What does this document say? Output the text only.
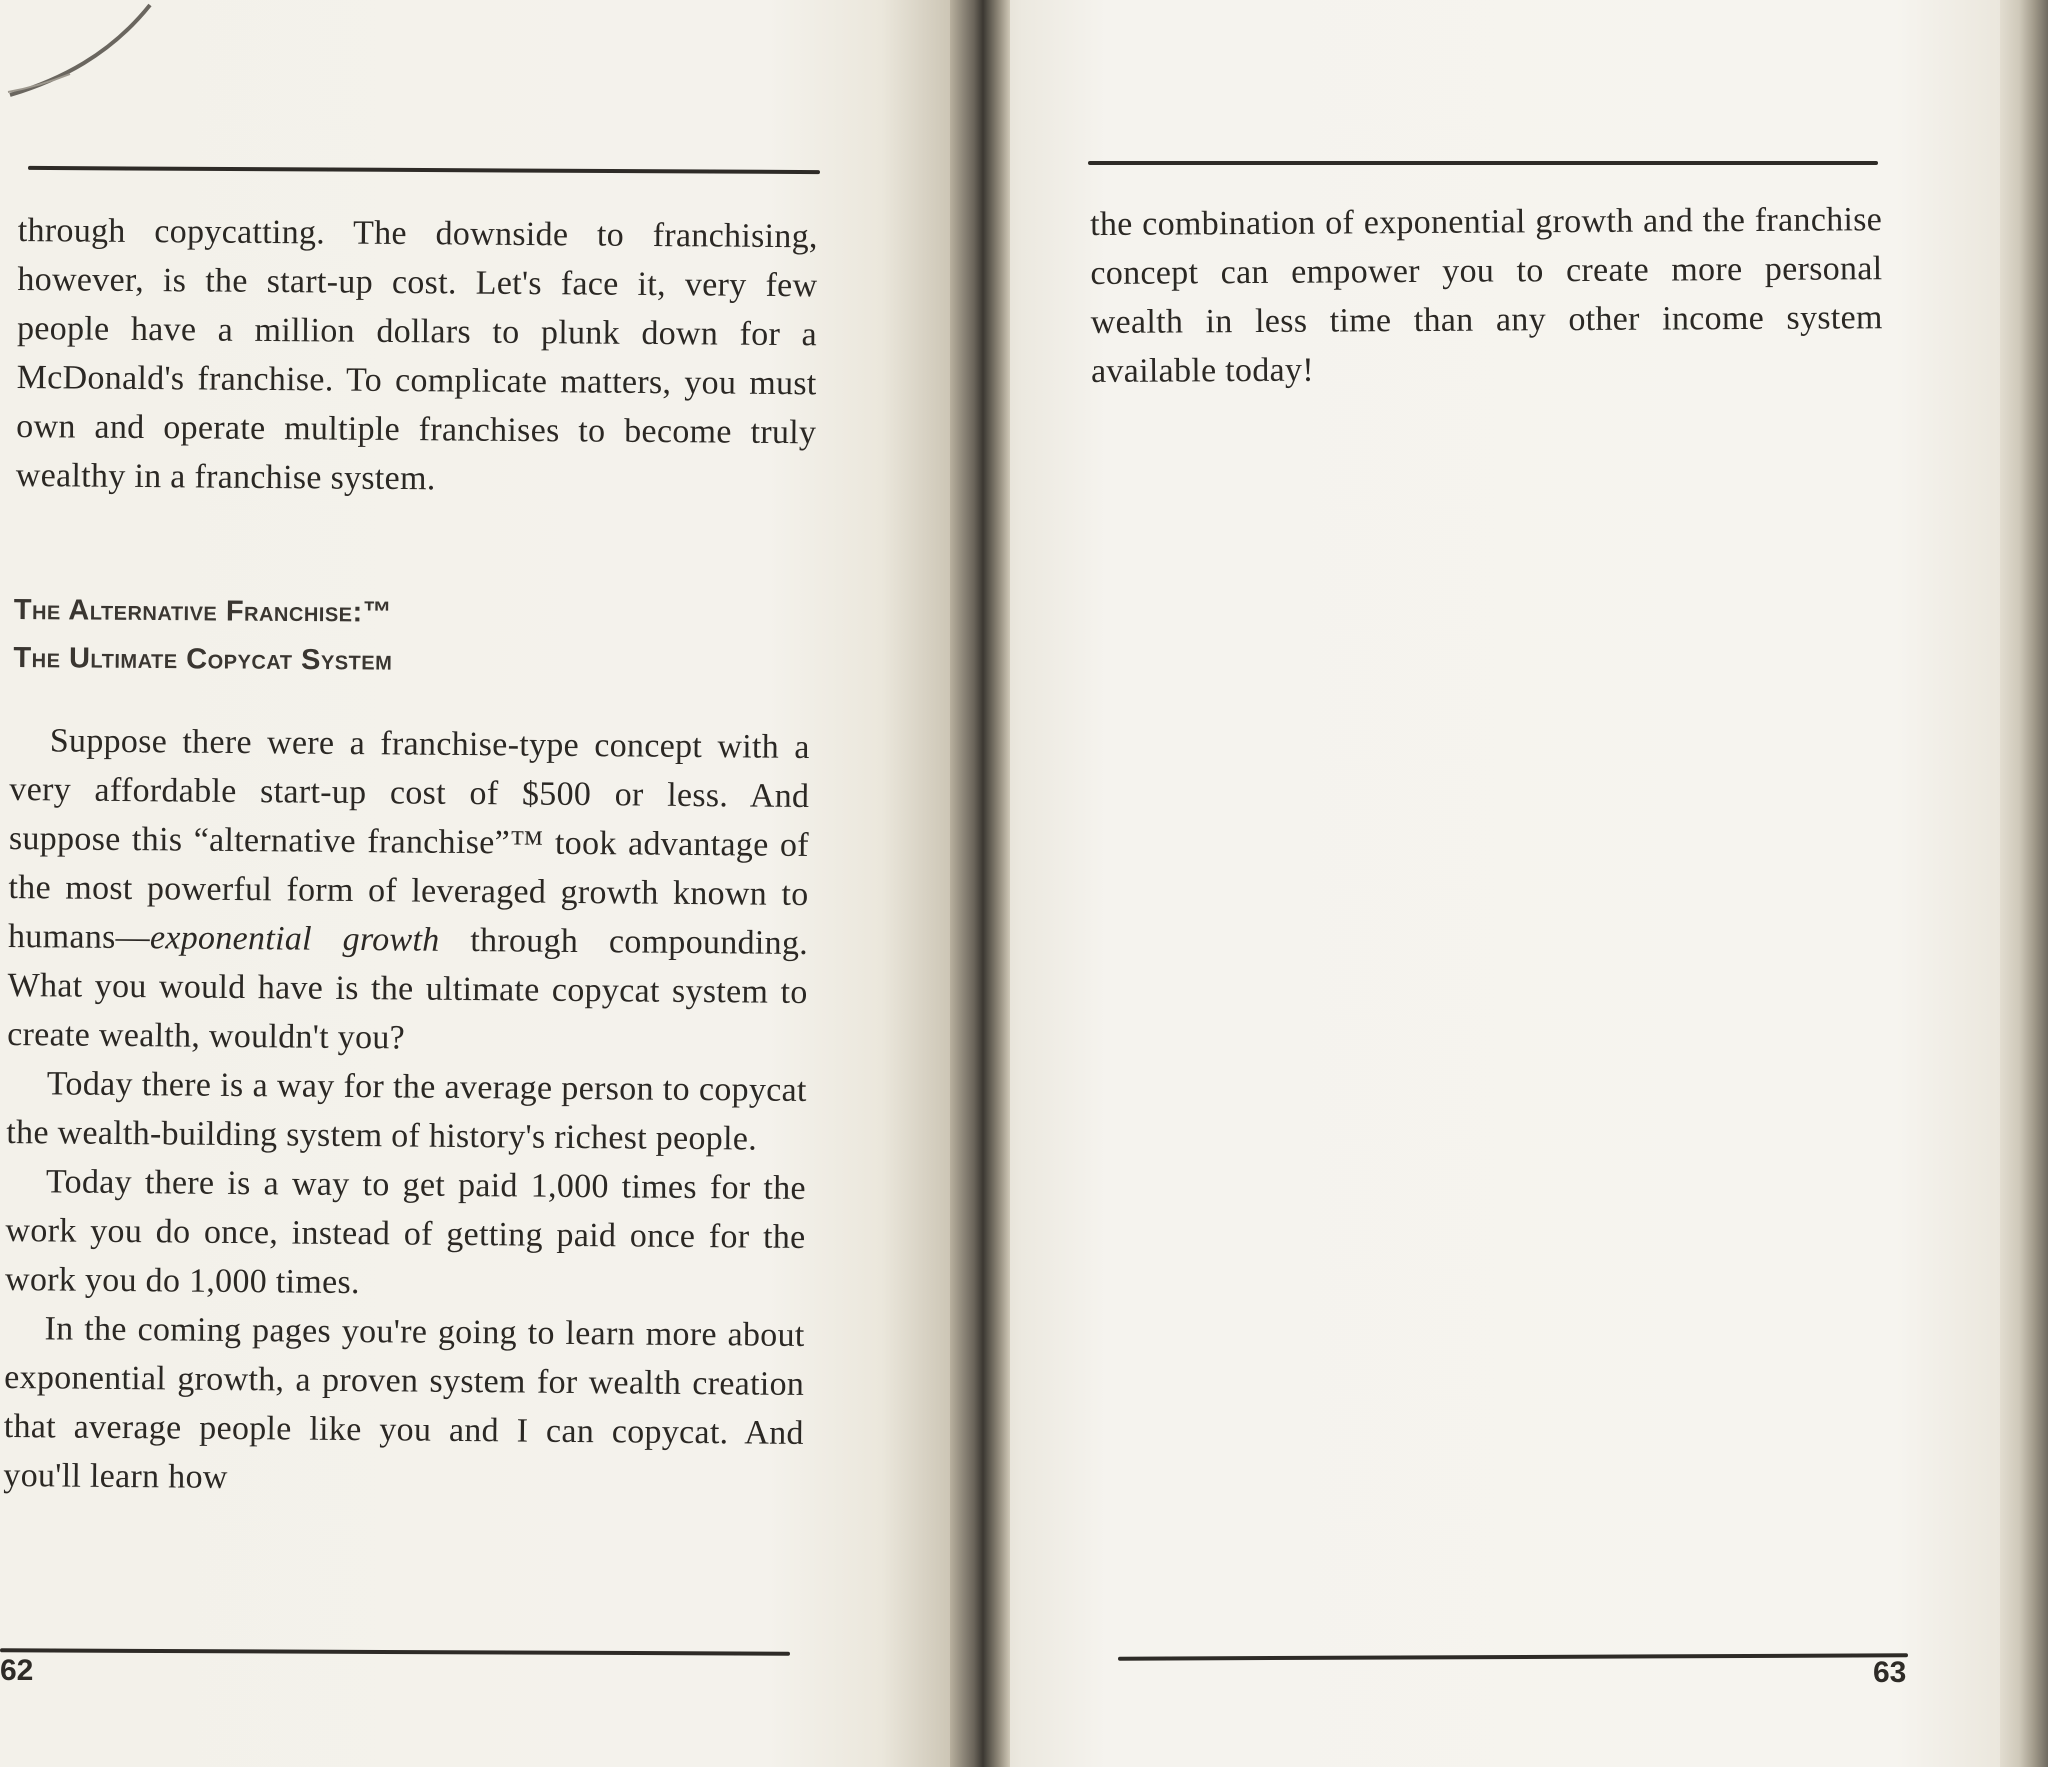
through copycatting. The downside to franchising, however, is the start-up cost. Let's face it, very few people have a million dollars to plunk down for a McDonald's franchise. To complicate matters, you must own and operate multiple franchises to become truly wealthy in a franchise system.

The Alternative Franchise:™
The Ultimate Copycat System

Suppose there were a franchise-type concept with a very affordable start-up cost of $500 or less. And suppose this “alternative franchise”™ took advantage of the most powerful form of leveraged growth known to humans—exponential growth through compounding. What you would have is the ultimate copycat system to create wealth, wouldn't you?

Today there is a way for the average person to copycat the wealth-building system of history's richest people.

Today there is a way to get paid 1,000 times for the work you do once, instead of getting paid once for the work you do 1,000 times.

In the coming pages you're going to learn more about exponential growth, a proven system for wealth creation that average people like you and I can copycat. And you'll learn how

62

the combination of exponential growth and the franchise concept can empower you to create more personal wealth in less time than any other income system available today!

63
